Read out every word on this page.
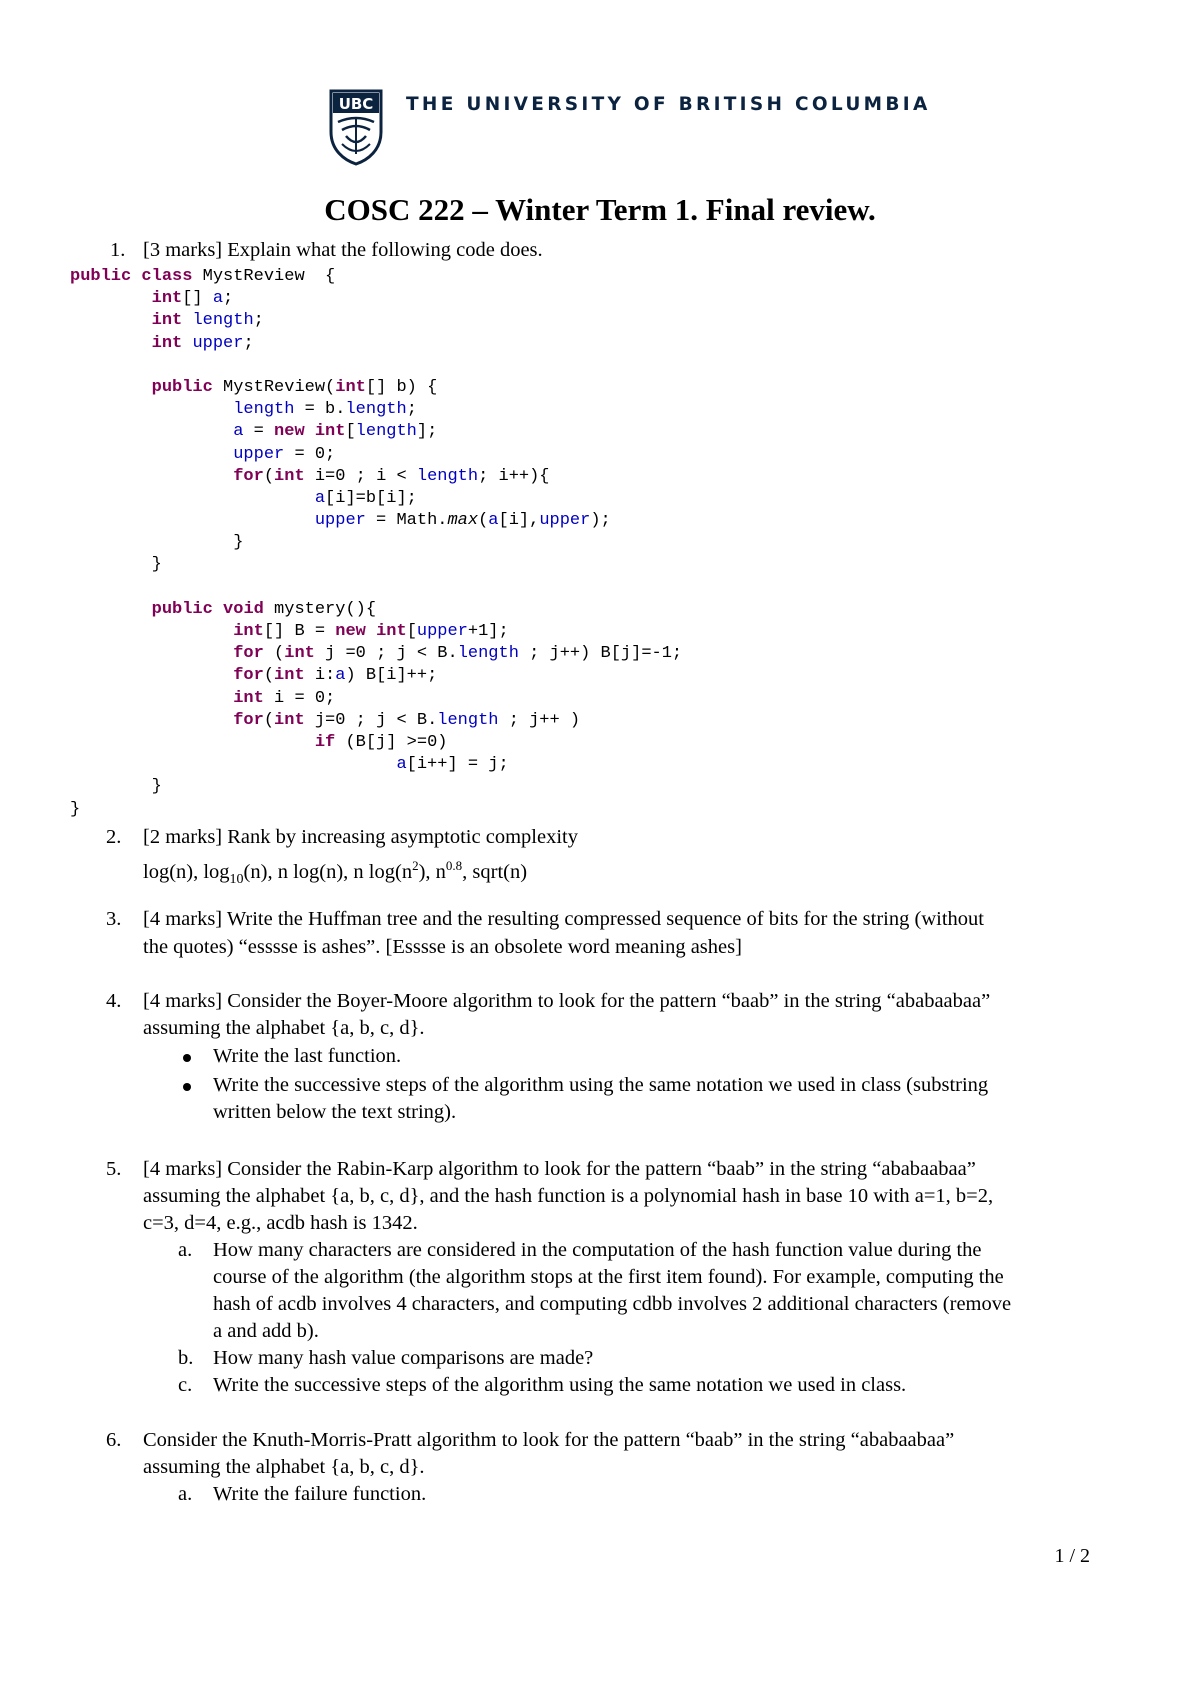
UBC THE UNIVERSITY OF BRITISH COLUMBIA
COSC 222 – Winter Term 1. Final review.
1. [3 marks] Explain what the following code does.
public class MystReview  {
int[] a;
int length;
int upper;
public MystReview(int[] b) {
length = b.length;
a = new int[length];
upper = 0;
for(int i=0 ; i < length; i++){
a[i]=b[i];
upper = Math.max(a[i],upper);
}
}
public void mystery(){
int[] B = new int[upper+1];
for (int j =0 ; j < B.length ; j++) B[j]=-1;
for(int i:a) B[i]++;
int i = 0;
for(int j=0 ; j < B.length ; j++ )
if (B[j] >=0)
a[i++] = j;
}
}
2. [2 marks] Rank by increasing asymptotic complexity
log(n), $\log_{10}(n)$, n log(n), n $\log(n^2)$, $n^{0.8}$, sqrt(n)
3. [4 marks] Write the Huffman tree and the resulting compressed sequence of bits for the string (without
the quotes) “esssse is ashes”. [Esssse is an obsolete word meaning ashes]
4. [4 marks] Consider the Boyer-Moore algorithm to look for the pattern “baab” in the string “ababaabaa”
assuming the alphabet {a, b, c, d}.
Write the last function.
Write the successive steps of the algorithm using the same notation we used in class (substring
written below the text string).
5. [4 marks] Consider the Rabin-Karp algorithm to look for the pattern “baab” in the string “ababaabaa”
assuming the alphabet {a, b, c, d}, and the hash function is a polynomial hash in base 10 with a=1, b=2,
c=3, d=4, e.g., acdb hash is 1342.
a. How many characters are considered in the computation of the hash function value during the
course of the algorithm (the algorithm stops at the first item found). For example, computing the
hash of acdb involves 4 characters, and computing cdbb involves 2 additional characters (remove
a and add b).
b. How many hash value comparisons are made?
c. Write the successive steps of the algorithm using the same notation we used in class.
6. Consider the Knuth-Morris-Pratt algorithm to look for the pattern “baab” in the string “ababaabaa”
assuming the alphabet {a, b, c, d}.
a. Write the failure function.
1 / 2
